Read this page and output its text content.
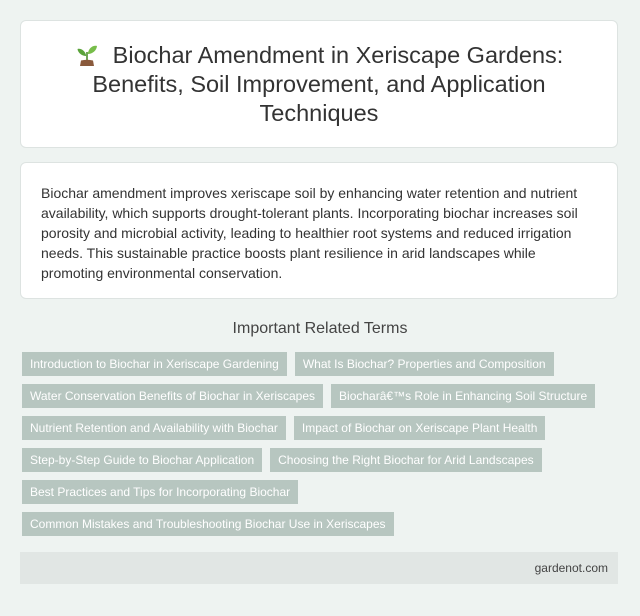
Biochar Amendment in Xeriscape Gardens: Benefits, Soil Improvement, and Application Techniques

Biochar amendment improves xeriscape soil by enhancing water retention and nutrient availability, which supports drought-tolerant plants. Incorporating biochar increases soil porosity and microbial activity, leading to healthier root systems and reduced irrigation needs. This sustainable practice boosts plant resilience in arid landscapes while promoting environmental conservation.

Important Related Terms
Introduction to Biochar in Xeriscape Gardening	What Is Biochar? Properties and Composition
Water Conservation Benefits of Biochar in Xeriscapes	Biocharâ€™s Role in Enhancing Soil Structure
Nutrient Retention and Availability with Biochar	Impact of Biochar on Xeriscape Plant Health
Step-by-Step Guide to Biochar Application	Choosing the Right Biochar for Arid Landscapes
Best Practices and Tips for Incorporating Biochar
Common Mistakes and Troubleshooting Biochar Use in Xeriscapes
gardenot.com
